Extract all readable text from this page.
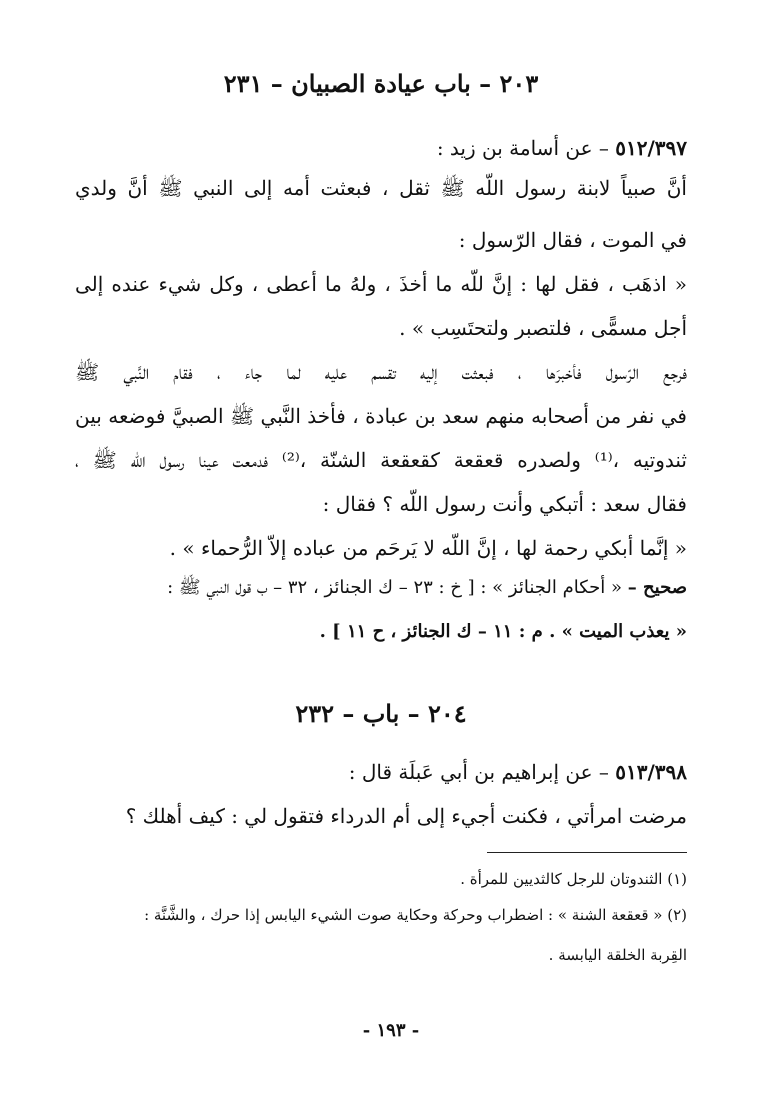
٢٠٣ – باب عيادة الصبيان – ٢٣١
٥١٢/٣٩٧ – عن أسامة بن زيد :
أنَّ صبياً لابنة رسول اللّه ﷺ ثقل ، فبعثت أمه إلى النبي ﷺ أنَّ ولدي
في الموت ، فقال الرّسول :
« اذهَب ، فقل لها : إنَّ للّه ما أخذَ ، ولهُ ما أعطى ، وكل شيء عنده إلى
أجل مسمًّى ، فلتصبر ولتحتَسِب » .
فرجع الرّسول فأخبرَها ، فبعثت إليه تقسم عليه لما جاء ، فقام النَّبي ﷺ
في نفر من أصحابه منهم سعد بن عبادة ، فأخذ النَّبي ﷺ الصبيَّ فوضعه بين
ثندوتيه ،⁽¹⁾ ولصدره قعقعة كقعقعة الشنّة ،⁽²⁾ فدمعت عينا رسول اللّه ﷺ ،
فقال سعد : أتبكي وأنت رسول اللّه ؟ فقال :
« إنَّما أبكي رحمة لها ، إنَّ اللّه لا يَرحَم من عباده إلاّ الرُّحماء » .
صحيح – « أحكام الجنائز » : [ خ : ٢٣ – ك الجنائز ، ٣٢ – ب قول النبي ﷺ :
« يعذب الميت » . م : ١١ – ك الجنائز ، ح ١١ ] .
٢٠٤ – باب – ٢٣٢
٥١٣/٣٩٨ – عن إبراهيم بن أبي عَبلَة قال :
مرضت امرأتي ، فكنت أجيء إلى أم الدرداء فتقول لي : كيف أهلك ؟
(١) الثندوتان للرجل كالثديين للمرأة .
(٢) « قعقعة الشنة » : اضطراب وحركة وحكاية صوت الشيء اليابس إذا حرك ، والشَّنَّة :
القِربة الخلقة اليابسة .
- ١٩٣ -
